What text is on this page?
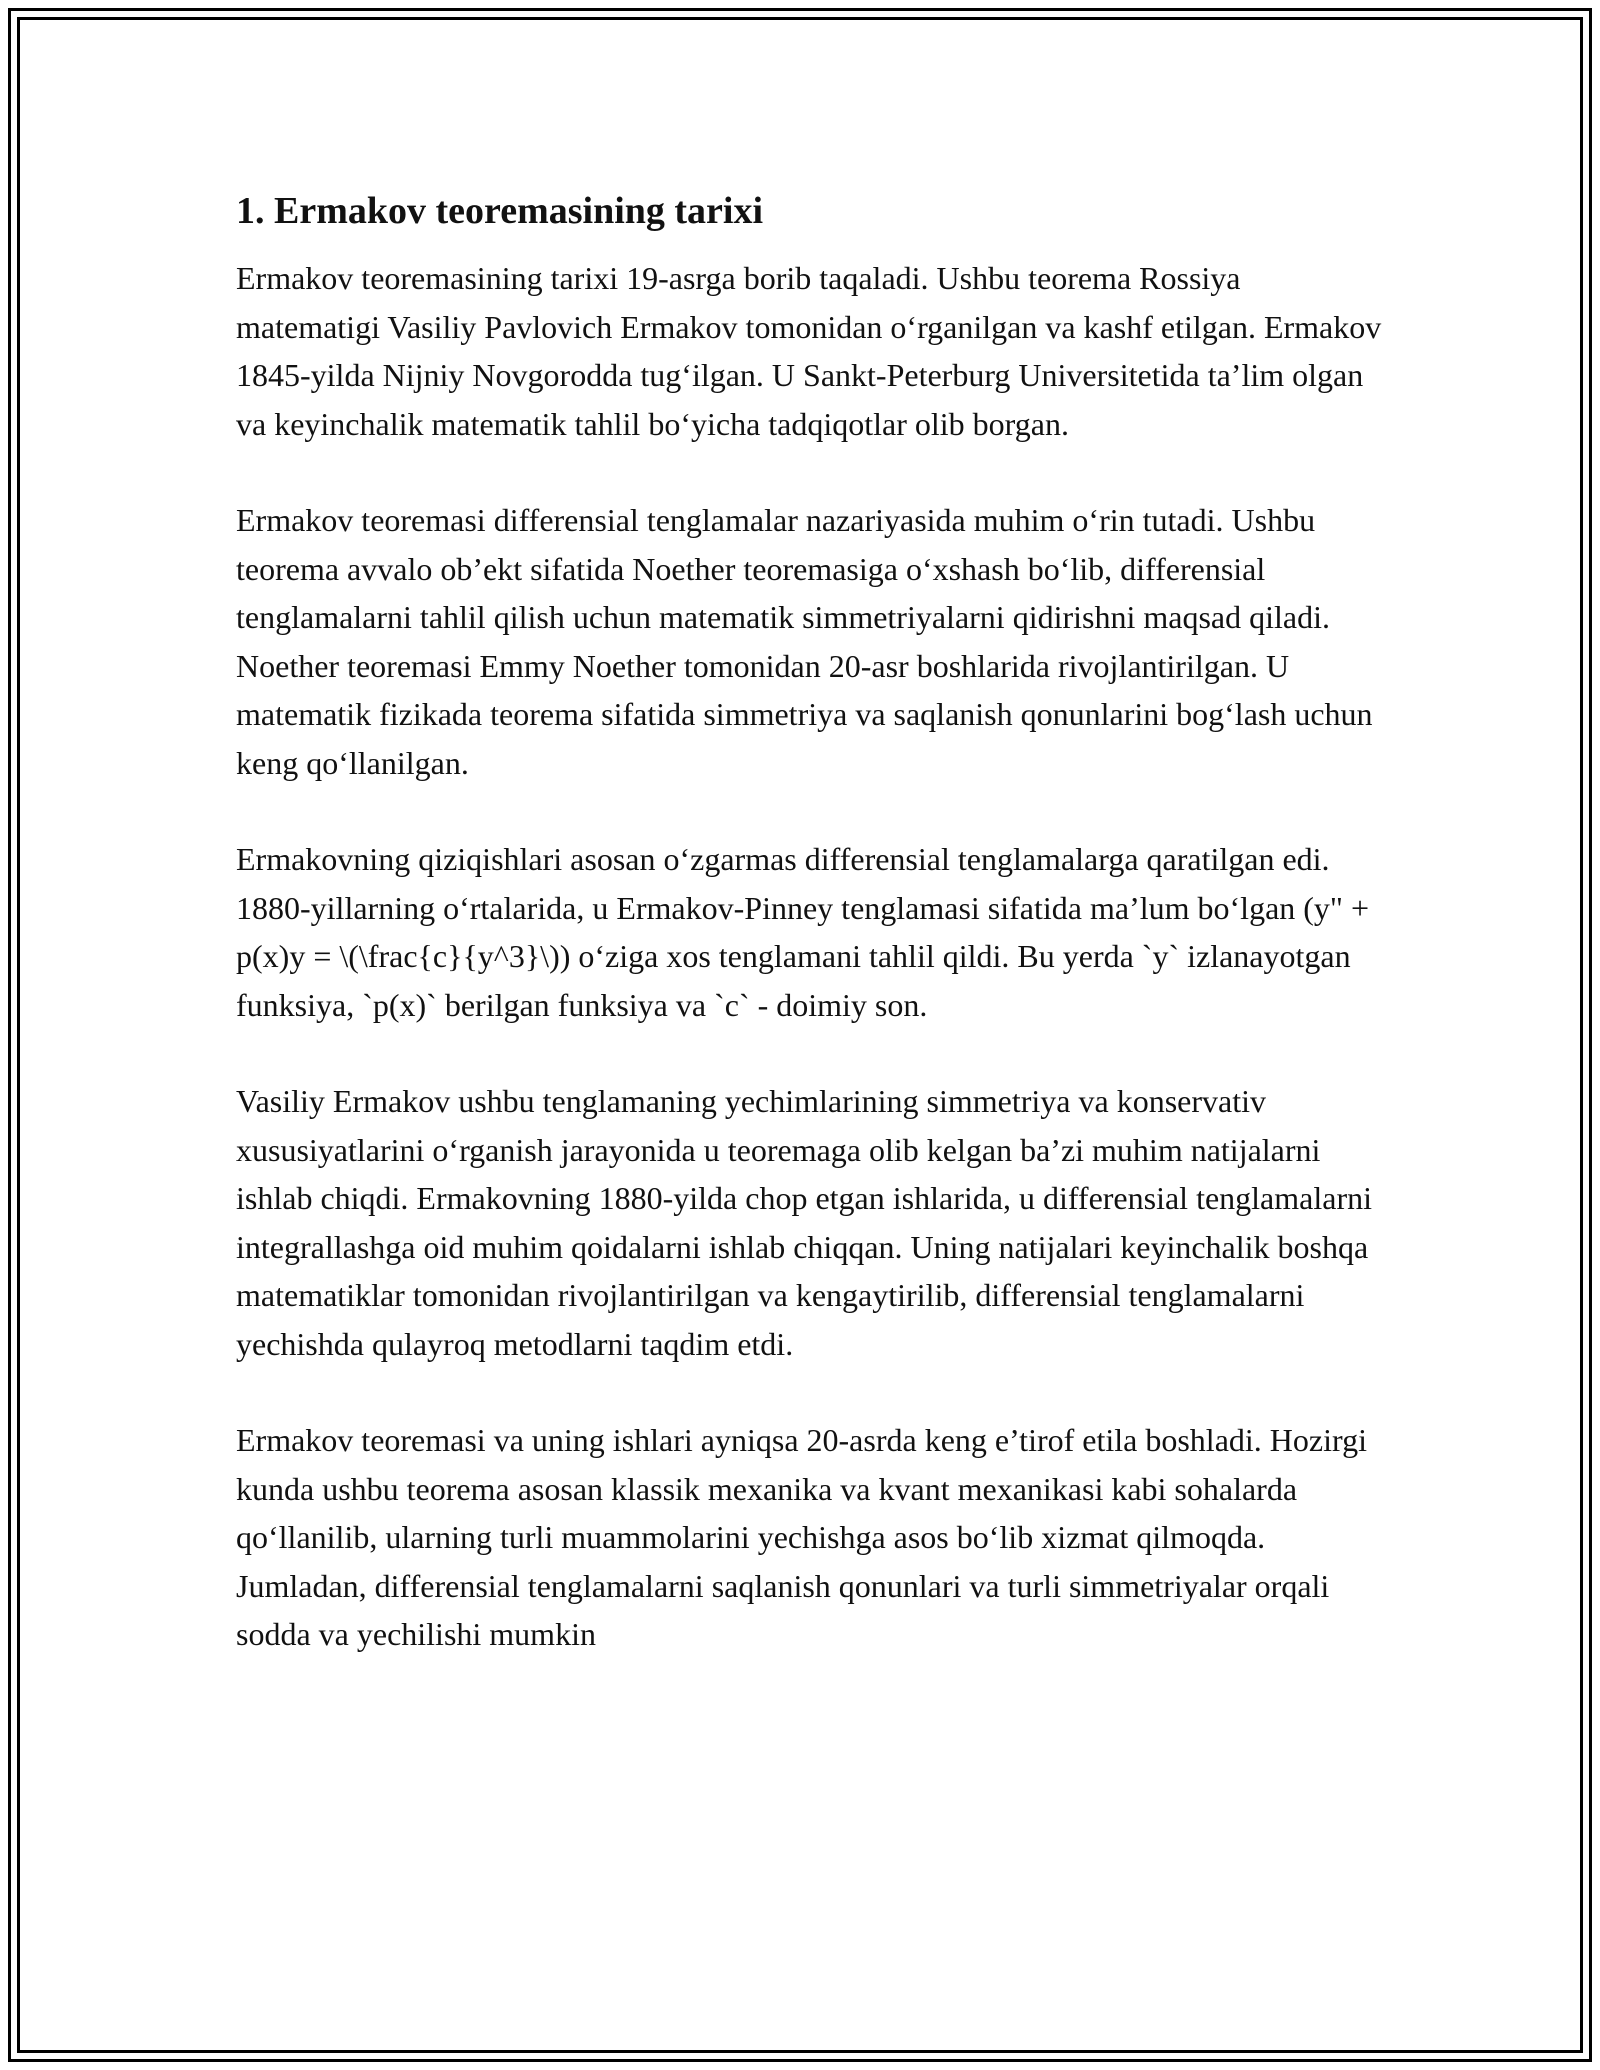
1. Ermakov teoremasining tarixi

Ermakov teoremasining tarixi 19-asrga borib taqaladi. Ushbu teorema Rossiya matematigi Vasiliy Pavlovich Ermakov tomonidan o‘rganilgan va kashf etilgan. Ermakov 1845-yilda Nijniy Novgorodda tug‘ilgan. U Sankt-Peterburg Universitetida ta’lim olgan va keyinchalik matematik tahlil bo‘yicha tadqiqotlar olib borgan.

Ermakov teoremasi differensial tenglamalar nazariyasida muhim o‘rin tutadi. Ushbu teorema avvalo ob’ekt sifatida Noether teoremasiga o‘xshash bo‘lib, differensial tenglamalarni tahlil qilish uchun matematik simmetriyalarni qidirishni maqsad qiladi. Noether teoremasi Emmy Noether tomonidan 20-asr boshlarida rivojlantirilgan. U matematik fizikada teorema sifatida simmetriya va saqlanish qonunlarini bog‘lash uchun keng qo‘llanilgan.

Ermakovning qiziqishlari asosan o‘zgarmas differensial tenglamalarga qaratilgan edi. 1880-yillarning o‘rtalarida, u Ermakov-Pinney tenglamasi sifatida ma’lum bo‘lgan (y" + p(x)y = \(\frac{c}{y^3}\)) o‘ziga xos tenglamani tahlil qildi. Bu yerda `y` izlanayotgan funksiya, `p(x)` berilgan funksiya va `c` - doimiy son.

Vasiliy Ermakov ushbu tenglamaning yechimlarining simmetriya va konservativ xususiyatlarini o‘rganish jarayonida u teoremaga olib kelgan ba’zi muhim natijalarni ishlab chiqdi. Ermakovning 1880-yilda chop etgan ishlarida, u differensial tenglamalarni integrallashga oid muhim qoidalarni ishlab chiqqan. Uning natijalari keyinchalik boshqa matematiklar tomonidan rivojlantirilgan va kengaytirilib, differensial tenglamalarni yechishda qulayroq metodlarni taqdim etdi.

Ermakov teoremasi va uning ishlari ayniqsa 20-asrda keng e’tirof etila boshladi. Hozirgi kunda ushbu teorema asosan klassik mexanika va kvant mexanikasi kabi sohalarda qo‘llanilib, ularning turli muammolarini yechishga asos bo‘lib xizmat qilmoqda. Jumladan, differensial tenglamalarni saqlanish qonunlari va turli simmetriyalar orqali sodda va yechilishi mumkin
